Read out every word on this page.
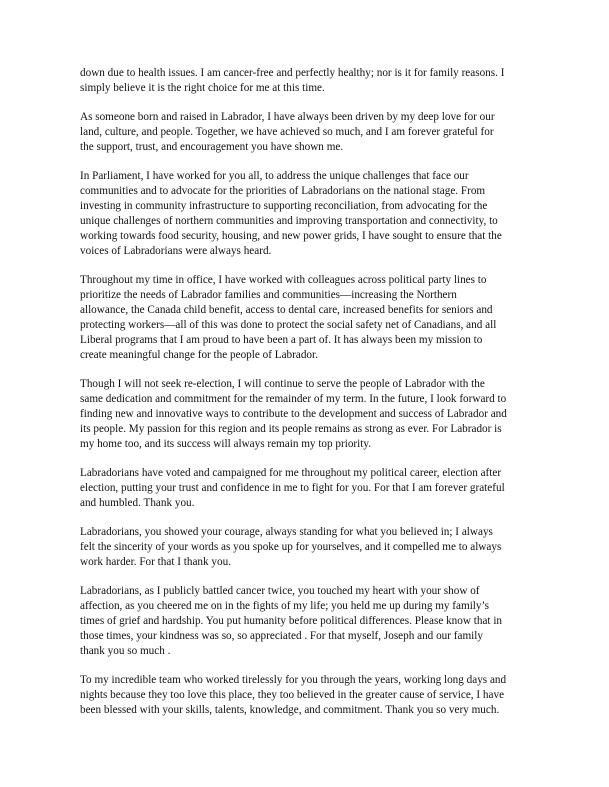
down due to health issues. I am cancer-free and perfectly healthy; nor is it for family reasons. I
simply believe it is the right choice for me at this time.

As someone born and raised in Labrador, I have always been driven by my deep love for our
land, culture, and people. Together, we have achieved so much, and I am forever grateful for
the support, trust, and encouragement you have shown me.

In Parliament, I have worked for you all, to address the unique challenges that face our
communities and to advocate for the priorities of Labradorians on the national stage. From
investing in community infrastructure to supporting reconciliation, from advocating for the
unique challenges of northern communities and improving transportation and connectivity, to
working towards food security, housing, and new power grids, I have sought to ensure that the
voices of Labradorians were always heard.

Throughout my time in office, I have worked with colleagues across political party lines to
prioritize the needs of Labrador families and communities—increasing the Northern
allowance, the Canada child benefit, access to dental care, increased benefits for seniors and
protecting workers—all of this was done to protect the social safety net of Canadians, and all
Liberal programs that I am proud to have been a part of. It has always been my mission to
create meaningful change for the people of Labrador.

Though I will not seek re-election, I will continue to serve the people of Labrador with the
same dedication and commitment for the remainder of my term. In the future, I look forward to
finding new and innovative ways to contribute to the development and success of Labrador and
its people. My passion for this region and its people remains as strong as ever. For Labrador is
my home too, and its success will always remain my top priority.

Labradorians have voted and campaigned for me throughout my political career, election after
election, putting your trust and confidence in me to fight for you. For that I am forever grateful
and humbled. Thank you.

Labradorians, you showed your courage, always standing for what you believed in; I always
felt the sincerity of your words as you spoke up for yourselves, and it compelled me to always
work harder. For that I thank you.

Labradorians, as I publicly battled cancer twice, you touched my heart with your show of
affection, as you cheered me on in the fights of my life; you held me up during my family’s
times of grief and hardship. You put humanity before political differences. Please know that in
those times, your kindness was so, so appreciated . For that myself, Joseph and our family
thank you so much .

To my incredible team who worked tirelessly for you through the years, working long days and
nights because they too love this place, they too believed in the greater cause of service, I have
been blessed with your skills, talents, knowledge, and commitment. Thank you so very much.
